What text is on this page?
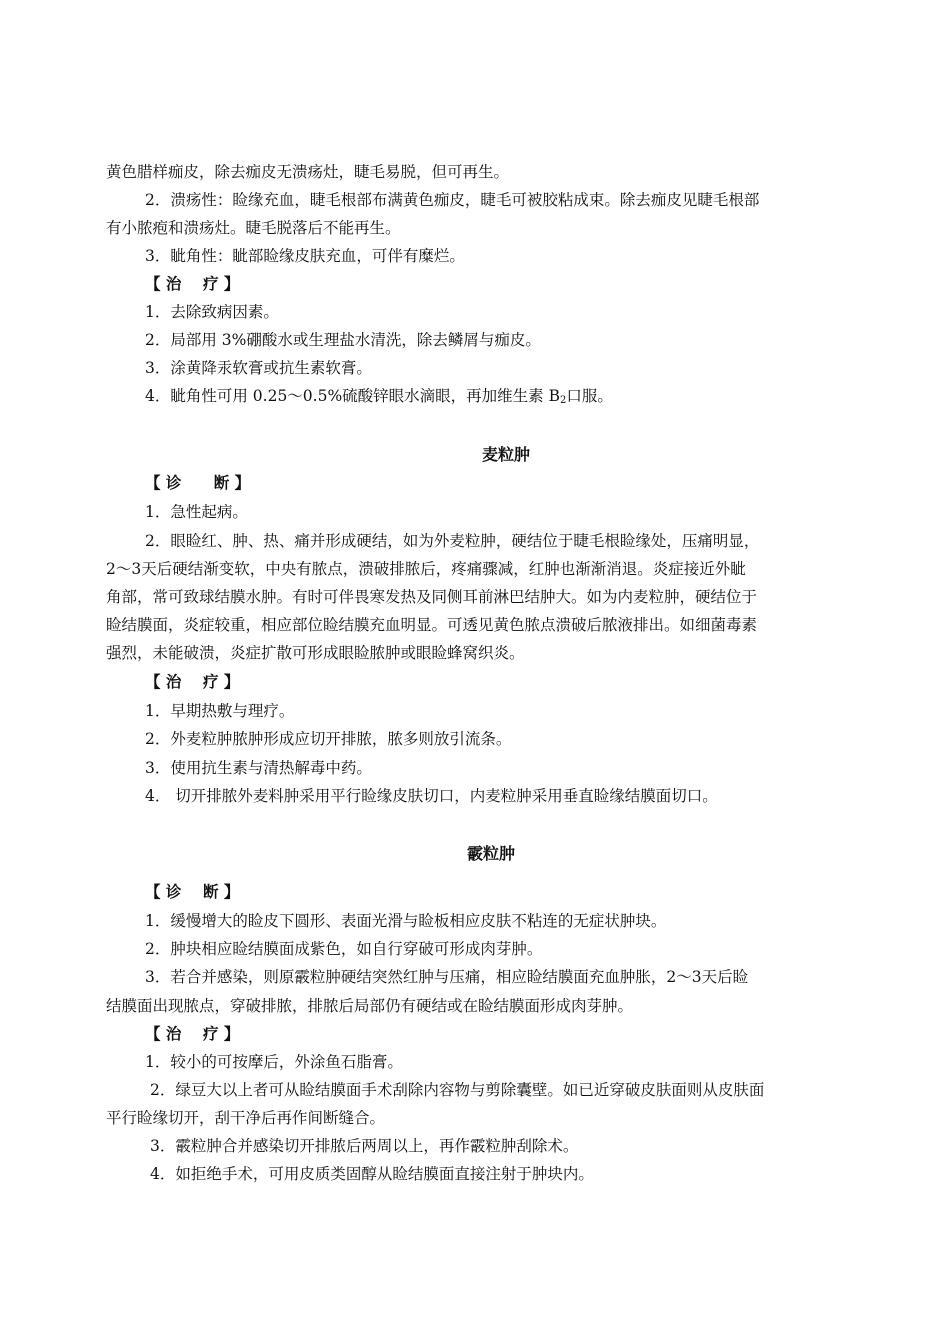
黄色腊样痂皮，除去痂皮无溃疡灶，睫毛易脱，但可再生。
2．溃疡性：睑缘充血，睫毛根部布满黄色痂皮，睫毛可被胶粘成束。除去痂皮见睫毛根部
有小脓疱和溃疡灶。睫毛脱落后不能再生。
3．眦角性：眦部睑缘皮肤充血，可伴有糜烂。
【 治    疗 】
1．去除致病因素。
2．局部用 3%硼酸水或生理盐水清洗，除去鳞屑与痂皮。
3．涂黄降汞软膏或抗生素软膏。
4．眦角性可用 0.25～0.5%硫酸锌眼水滴眼，再加维生素 $B_2$口服。
麦粒肿
【 诊      断 】
1．急性起病。
2．眼睑红、肿、热、痛并形成硬结，如为外麦粒肿，硬结位于睫毛根睑缘处，压痛明显，
2～3天后硬结渐变软，中央有脓点，溃破排脓后，疼痛骤减，红肿也渐渐消退。炎症接近外眦
角部，常可致球结膜水肿。有时可伴畏寒发热及同侧耳前淋巴结肿大。如为内麦粒肿，硬结位于
睑结膜面，炎症较重，相应部位睑结膜充血明显。可透见黄色脓点溃破后脓液排出。如细菌毒素
强烈，未能破溃，炎症扩散可形成眼睑脓肿或眼睑蜂窝织炎。
【 治    疗 】
1．早期热敷与理疗。
2．外麦粒肿脓肿形成应切开排脓，脓多则放引流条。
3．使用抗生素与清热解毒中药。
4． 切开排脓外麦料肿采用平行睑缘皮肤切口，内麦粒肿采用垂直睑缘结膜面切口。
霰粒肿
【 诊    断 】
1．缓慢增大的睑皮下圆形、表面光滑与睑板相应皮肤不粘连的无症状肿块。
2．肿块相应睑结膜面成紫色，如自行穿破可形成肉芽肿。
3．若合并感染，则原霰粒肿硬结突然红肿与压痛，相应睑结膜面充血肿胀，2～3天后睑
结膜面出现脓点，穿破排脓，排脓后局部仍有硬结或在睑结膜面形成肉芽肿。
【 治    疗 】
1．较小的可按摩后，外涂鱼石脂膏。
2．绿豆大以上者可从睑结膜面手术刮除内容物与剪除囊壁。如已近穿破皮肤面则从皮肤面
平行睑缘切开，刮干净后再作间断缝合。
3．霰粒肿合并感染切开排脓后两周以上，再作霰粒肿刮除术。
4．如拒绝手术，可用皮质类固醇从睑结膜面直接注射于肿块内。
